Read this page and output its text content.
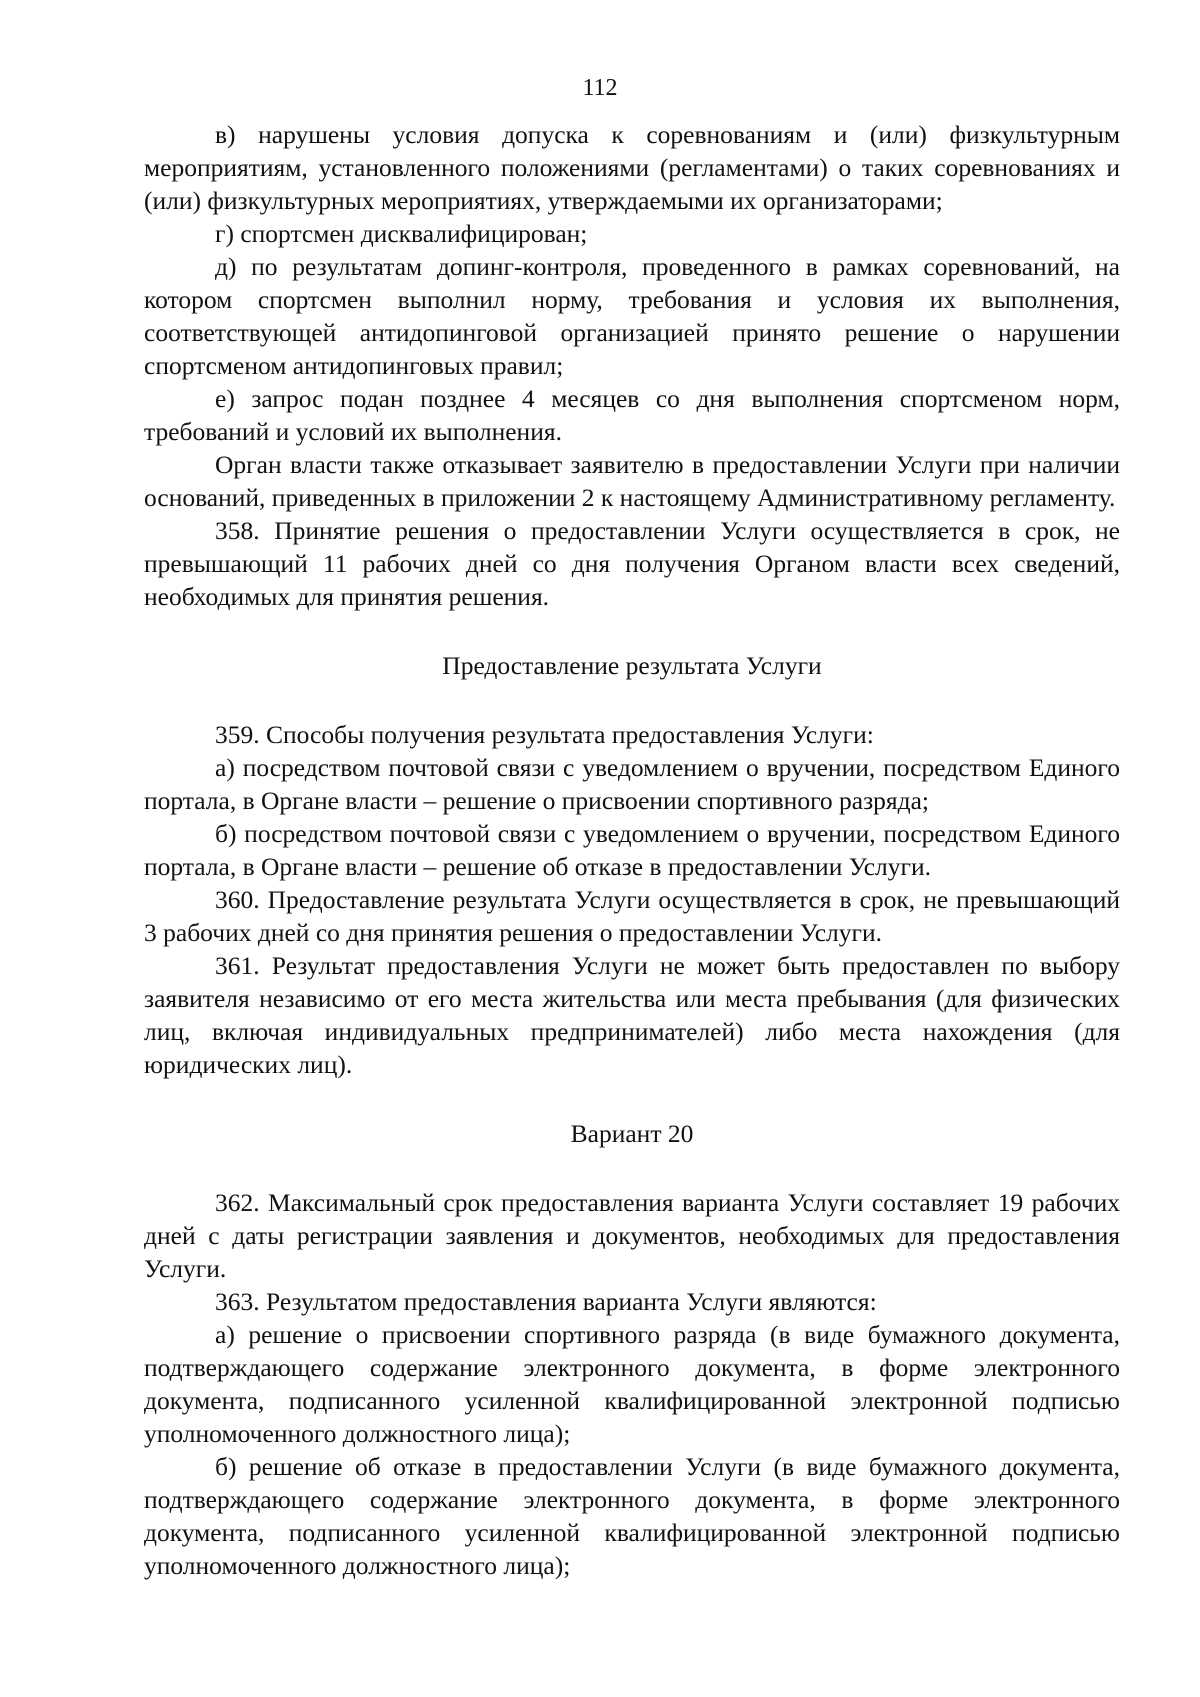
112

в) нарушены условия допуска к соревнованиям и (или) физкультурным мероприятиям, установленного положениями (регламентами) о таких соревнованиях и (или) физкультурных мероприятиях, утверждаемыми их организаторами;

г) спортсмен дисквалифицирован;

д) по результатам допинг-контроля, проведенного в рамках соревнований, на котором спортсмен выполнил норму, требования и условия их выполнения, соответствующей антидопинговой организацией принято решение о нарушении спортсменом антидопинговых правил;

е) запрос подан позднее 4 месяцев со дня выполнения спортсменом норм, требований и условий их выполнения.

Орган власти также отказывает заявителю в предоставлении Услуги при наличии оснований, приведенных в приложении 2 к настоящему Административному регламенту.

358. Принятие решения о предоставлении Услуги осуществляется в срок, не превышающий 11 рабочих дней со дня получения Органом власти всех сведений, необходимых для принятия решения.

Предоставление результата Услуги

359. Способы получения результата предоставления Услуги:

а) посредством почтовой связи с уведомлением о вручении, посредством Единого портала, в Органе власти – решение о присвоении спортивного разряда;

б) посредством почтовой связи с уведомлением о вручении, посредством Единого портала, в Органе власти – решение об отказе в предоставлении Услуги.

360. Предоставление результата Услуги осуществляется в срок, не превышающий 3 рабочих дней со дня принятия решения о предоставлении Услуги.

361. Результат предоставления Услуги не может быть предоставлен по выбору заявителя независимо от его места жительства или места пребывания (для физических лиц, включая индивидуальных предпринимателей) либо места нахождения (для юридических лиц).

Вариант 20

362. Максимальный срок предоставления варианта Услуги составляет 19 рабочих дней с даты регистрации заявления и документов, необходимых для предоставления Услуги.

363. Результатом предоставления варианта Услуги являются:

а) решение о присвоении спортивного разряда (в виде бумажного документа, подтверждающего содержание электронного документа, в форме электронного документа, подписанного усиленной квалифицированной электронной подписью уполномоченного должностного лица);

б) решение об отказе в предоставлении Услуги (в виде бумажного документа, подтверждающего содержание электронного документа, в форме электронного документа, подписанного усиленной квалифицированной электронной подписью уполномоченного должностного лица);
